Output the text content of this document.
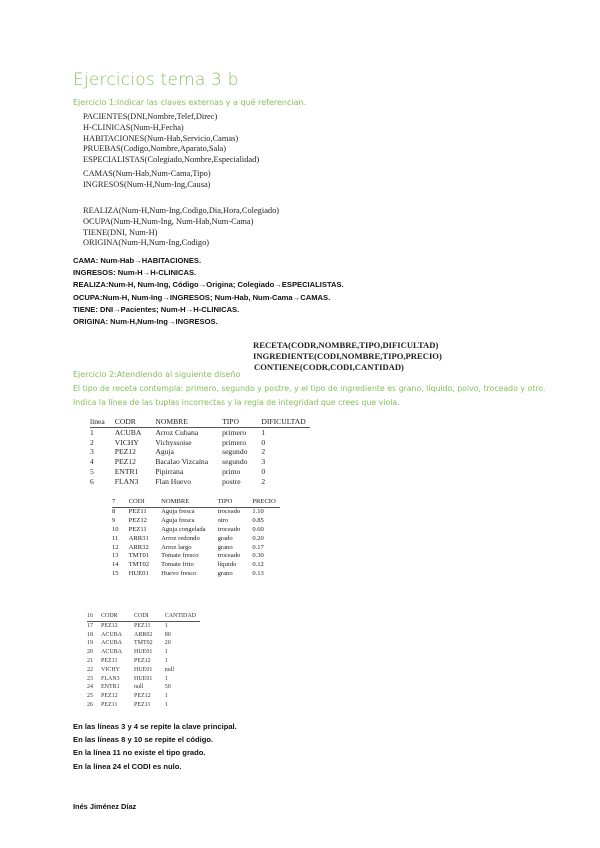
Ejercicios tema 3 b
Ejercicio 1:Indicar las claves externas y a qué referencian.
PACIENTES(DNI,Nombre,Telef,Direc)
H-CLINICAS(Num-H,Fecha)
HABITACIONES(Num-Hab,Servicio,Camas)
PRUEBAS(Codigo,Nombre,Aparato,Sala)
ESPECIALISTAS(Colegiado,Nombre,Especialidad)
CAMAS(Num-Hab,Num-Cama,Tipo)
INGRESOS(Num-H,Num-Ing,Causa)
REALIZA(Num-H,Num-Ing,Codigo,Dia,Hora,Colegiado)
OCUPA(Num-H,Num-Ing, Num-Hab,Num-Cama)
TIENE(DNI, Num-H)
ORIGINA(Num-H,Num-Ing,Codigo)
CAMA: Num-Hab→HABITACIONES.
INGRESOS: Num-H→H-CLINICAS.
REALIZA:Num-H, Num-Ing, Código→Origina; Colegiado→ESPECIALISTAS.
OCUPA:Num-H, Num-Ing→INGRESOS; Num-Hab, Num-Cama→CAMAS.
TIENE: DNI→Pacientes; Num-H→H-CLINICAS.
ORIGINA: Num-H,Num-Ing→INGRESOS.
RECETA(CODR,NOMBRE,TIPO,DIFICULTAD)
INGREDIENTE(CODI,NOMBRE,TIPO,PRECIO)
CONTIENE(CODR,CODI,CANTIDAD)
Ejercicio 2:Atendiendo al siguiente diseño
El tipo de receta contempla: primero, segundo y postre, y el tipo de ingrediente es grano, líquido, polvo, troceado y otro. Indica la línea de las tuplas incorrectas y la regla de integridad que crees que viola.
línea	CODR	NOMBRE	TIPO	DIFICULTAD
1	ACUBA	Arroz Cubana	primero	1
2	VICHY	Vichyssoise	primero	0
3	PEZ12	Aguja	segundo	2
4	PEZ12	Bacalao Vizcaína	segundo	3
5	ENTR1	Pipirrana	primo	0
6	FLAN3	Flan Huevo	postre	2
7	CODI	NOMBRE	TIPO	PRECIO
8	PEZ11	Aguja fresca	troceado	1.10
9	PEZ12	Aguja fresca	otro	0.85
10	PEZ11	Aguja congelada	troceado	0.60
11	ARR31	Arroz redondo	grado	0.20
12	ARR32	Arroz largo	grano	0.17
13	TMT01	Tomate fresco	troceado	0.30
14	TMT02	Tomate frito	líquido	0.12
15	HUE01	Huevo fresco	grano	0.13
16	CODR	CODI	CANTIDAD
17	PEZ12	PEZ11	1
18	ACUBA	ARR02	80
19	ACUBA	TMT02	20
20	ACUBA	HUE01	1
21	PEZ11	PEZ12	1
22	VICHY	HUE01	null
23	FLAN3	HUE01	1
24	ENTR1	null	50
25	PEZ12	PEZ12	1
26	PEZ11	PEZ11	1
En las líneas 3 y 4 se repite la clave principal.
En las líneas 8 y 10 se repite el código.
En la línea 11 no existe el tipo grado.
En la línea 24 el CODI es nulo.
Inés Jiménez Díaz
